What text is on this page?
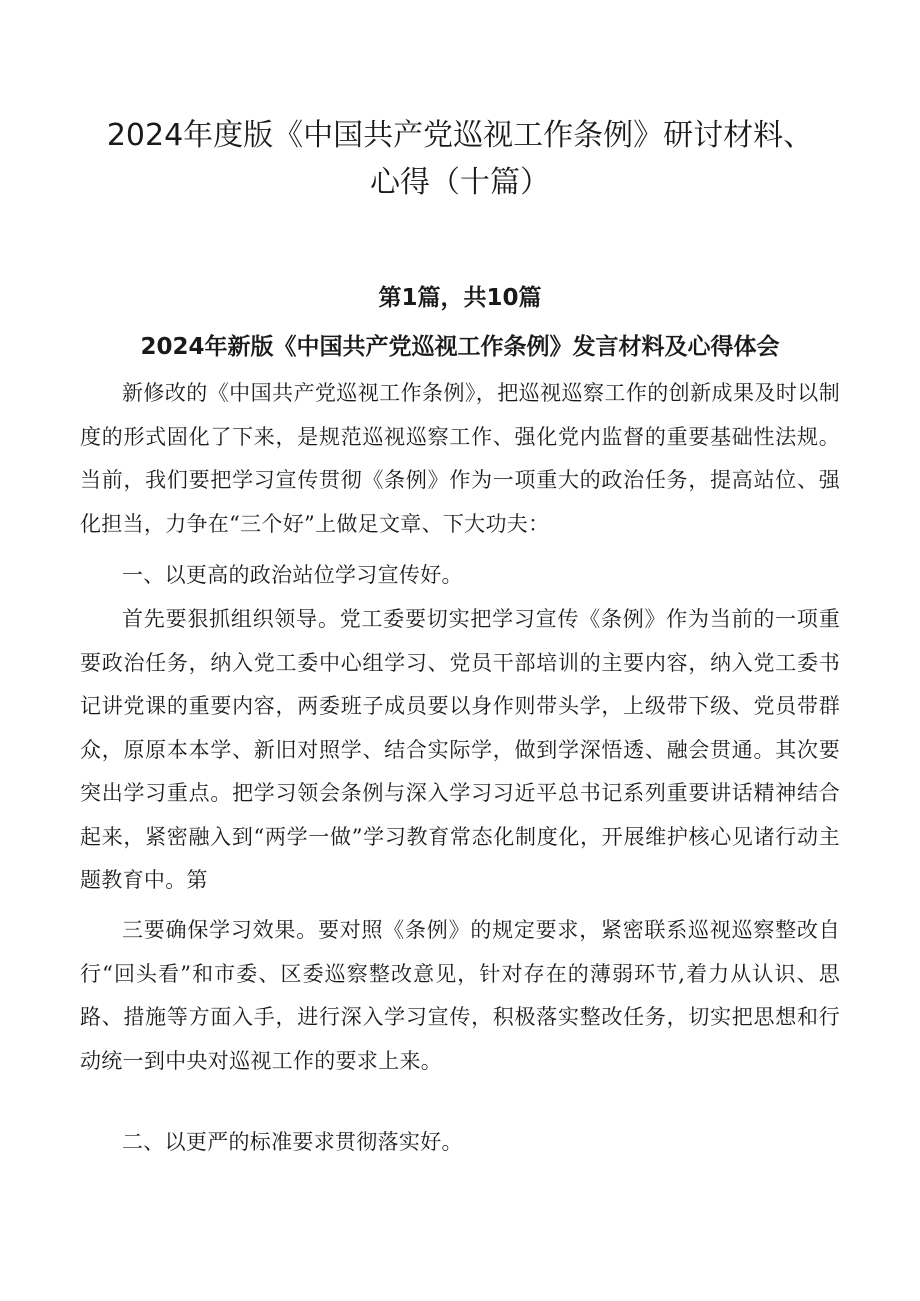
2024年度版《中国共产党巡视工作条例》研讨材料、
心得（十篇）
第1篇，共10篇
2024年新版《中国共产党巡视工作条例》发言材料及心得体会

新修改的《中国共产党巡视工作条例》，把巡视巡察工作的创新成果及时以制度的形式固化了下来，是规范巡视巡察工作、强化党内监督的重要基础性法规。当前，我们要把学习宣传贯彻《条例》作为一项重大的政治任务，提高站位、强化担当，力争在“三个好”上做足文章、下大功夫：

一、以更高的政治站位学习宣传好。

首先要狠抓组织领导。党工委要切实把学习宣传《条例》作为当前的一项重要政治任务，纳入党工委中心组学习、党员干部培训的主要内容，纳入党工委书记讲党课的重要内容，两委班子成员要以身作则带头学，上级带下级、党员带群众，原原本本学、新旧对照学、结合实际学，做到学深悟透、融会贯通。其次要突出学习重点。把学习领会条例与深入学习习近平总书记系列重要讲话精神结合起来，紧密融入到“两学一做”学习教育常态化制度化，开展维护核心见诸行动主题教育中。第

三要确保学习效果。要对照《条例》的规定要求，紧密联系巡视巡察整改自行“回头看”和市委、区委巡察整改意见，针对存在的薄弱环节,着力从认识、思路、措施等方面入手，进行深入学习宣传，积极落实整改任务，切实把思想和行动统一到中央对巡视工作的要求上来。

二、以更严的标准要求贯彻落实好。
